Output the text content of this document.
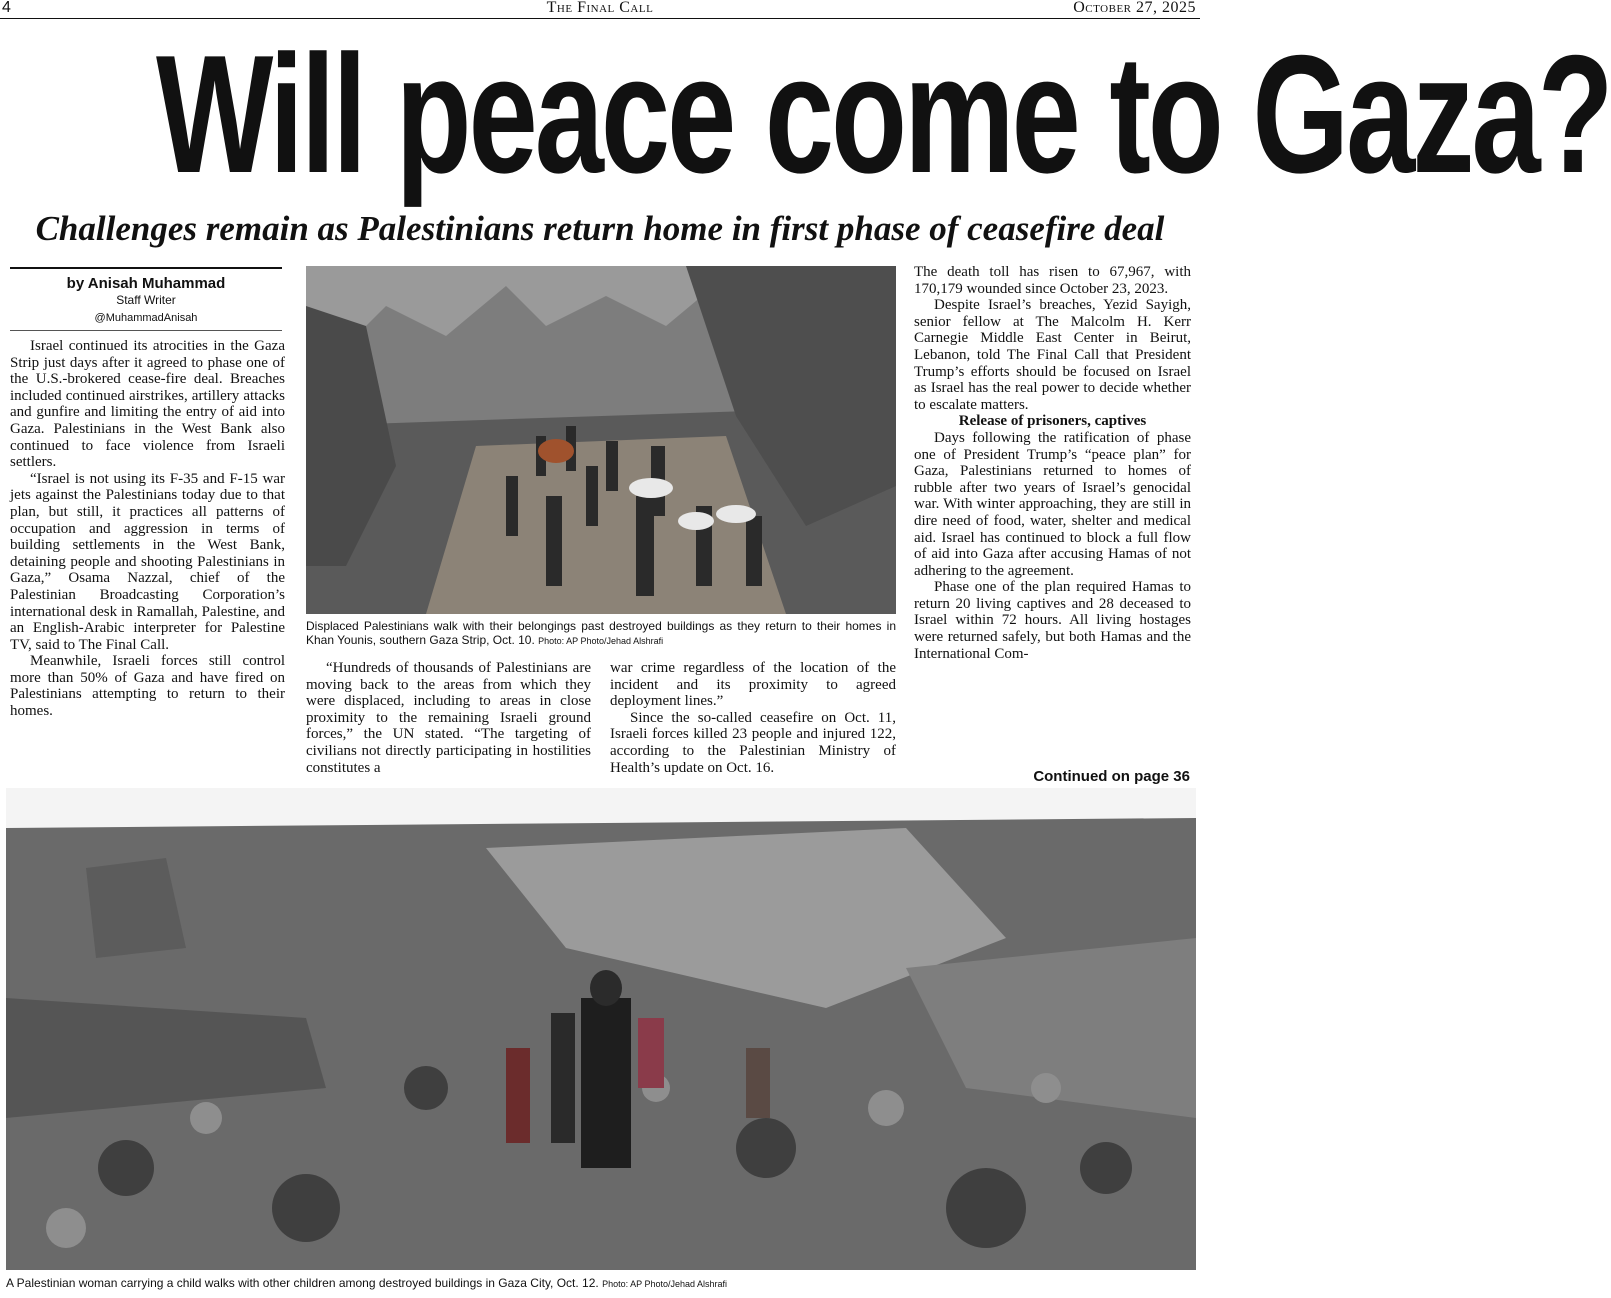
4	The Final Call	October 27, 2025
Will peace come to Gaza?
Challenges remain as Palestinians return home in first phase of ceasefire deal
by Anisah Muhammad
Staff Writer
@MuhammadAnisah

Israel continued its atrocities in the Gaza Strip just days after it agreed to phase one of the U.S.-brokered cease-fire deal. Breaches included continued airstrikes, artillery attacks and gunfire and limiting the entry of aid into Gaza. Palestinians in the West Bank also continued to face violence from Israeli settlers.

“Israel is not using its F-35 and F-15 war jets against the Palestinians today due to that plan, but still, it practices all patterns of occupation and aggression in terms of building settlements in the West Bank, detaining people and shooting Palestinians in Gaza,” Osama Nazzal, chief of the Palestinian Broadcasting Corporation’s international desk in Ramallah, Palestine, and an English-Arabic interpreter for Palestine TV, said to The Final Call.

Meanwhile, Israeli forces still control more than 50% of Gaza and have fired on Palestinians attempting to return to their homes.

Displaced Palestinians walk with their belongings past destroyed buildings as they return to their homes in Khan Younis, southern Gaza Strip, Oct. 10. Photo: AP Photo/Jehad Alshrafi

“Hundreds of thousands of Palestinians are moving back to the areas from which they were displaced, including to areas in close proximity to the remaining Israeli ground forces,” the UN stated. “The targeting of civilians not directly participating in hostilities constitutes a

war crime regardless of the location of the incident and its proximity to agreed deployment lines.”

Since the so-called ceasefire on Oct. 11, Israeli forces killed 23 people and injured 122, according to the Palestinian Ministry of Health’s update on Oct. 16.

The death toll has risen to 67,967, with 170,179 wounded since October 23, 2023.

Despite Israel’s breaches, Yezid Sayigh, senior fellow at The Malcolm H. Kerr Carnegie Middle East Center in Beirut, Lebanon, told The Final Call that President Trump’s efforts should be focused on Israel as Israel has the real power to decide whether to escalate matters.

Release of prisoners, captives

Days following the ratification of phase one of President Trump’s “peace plan” for Gaza, Palestinians returned to homes of rubble after two years of Israel’s genocidal war. With winter approaching, they are still in dire need of food, water, shelter and medical aid. Israel has continued to block a full flow of aid into Gaza after accusing Hamas of not adhering to the agreement.

Phase one of the plan required Hamas to return 20 living captives and 28 deceased to Israel within 72 hours. All living hostages were returned safely, but both Hamas and the International Com-

Continued on page 36
A Palestinian woman carrying a child walks with other children among destroyed buildings in Gaza City, Oct. 12. Photo: AP Photo/Jehad Alshrafi
